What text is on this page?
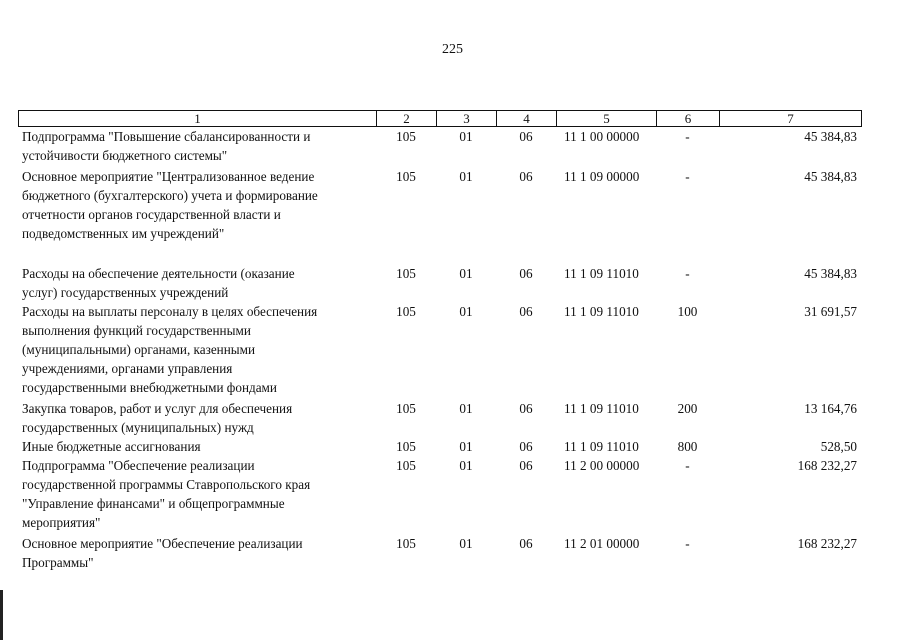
225
1	2	3	4	5	6	7
Подпрограмма "Повышение сбалансированности и
устойчивости бюджетного системы"	105	01	06	11 1 00 00000	-	45 384,83

Основное мероприятие "Централизованное ведение
бюджетного (бухгалтерского) учета и формирование
отчетности органов государственной власти и
подведомственных им учреждений"	105	01	06	11 1 09 00000	-	45 384,83

Расходы на обеспечение деятельности (оказание
услуг) государственных учреждений	105	01	06	11 1 09 11010	-	45 384,83

Расходы на выплаты персоналу в целях обеспечения
выполнения функций государственными
(муниципальными) органами, казенными
учреждениями, органами управления
государственными внебюджетными фондами	105	01	06	11 1 09 11010	100	31 691,57

Закупка товаров, работ и услуг для обеспечения
государственных (муниципальных) нужд	105	01	06	11 1 09 11010	200	13 164,76

Иные бюджетные ассигнования	105	01	06	11 1 09 11010	800	528,50

Подпрограмма "Обеспечение реализации
государственной программы Ставропольского края
"Управление финансами" и общепрограммные
мероприятия"	105	01	06	11 2 00 00000	-	168 232,27

Основное мероприятие "Обеспечение реализации
Программы"	105	01	06	11 2 01 00000	-	168 232,27
